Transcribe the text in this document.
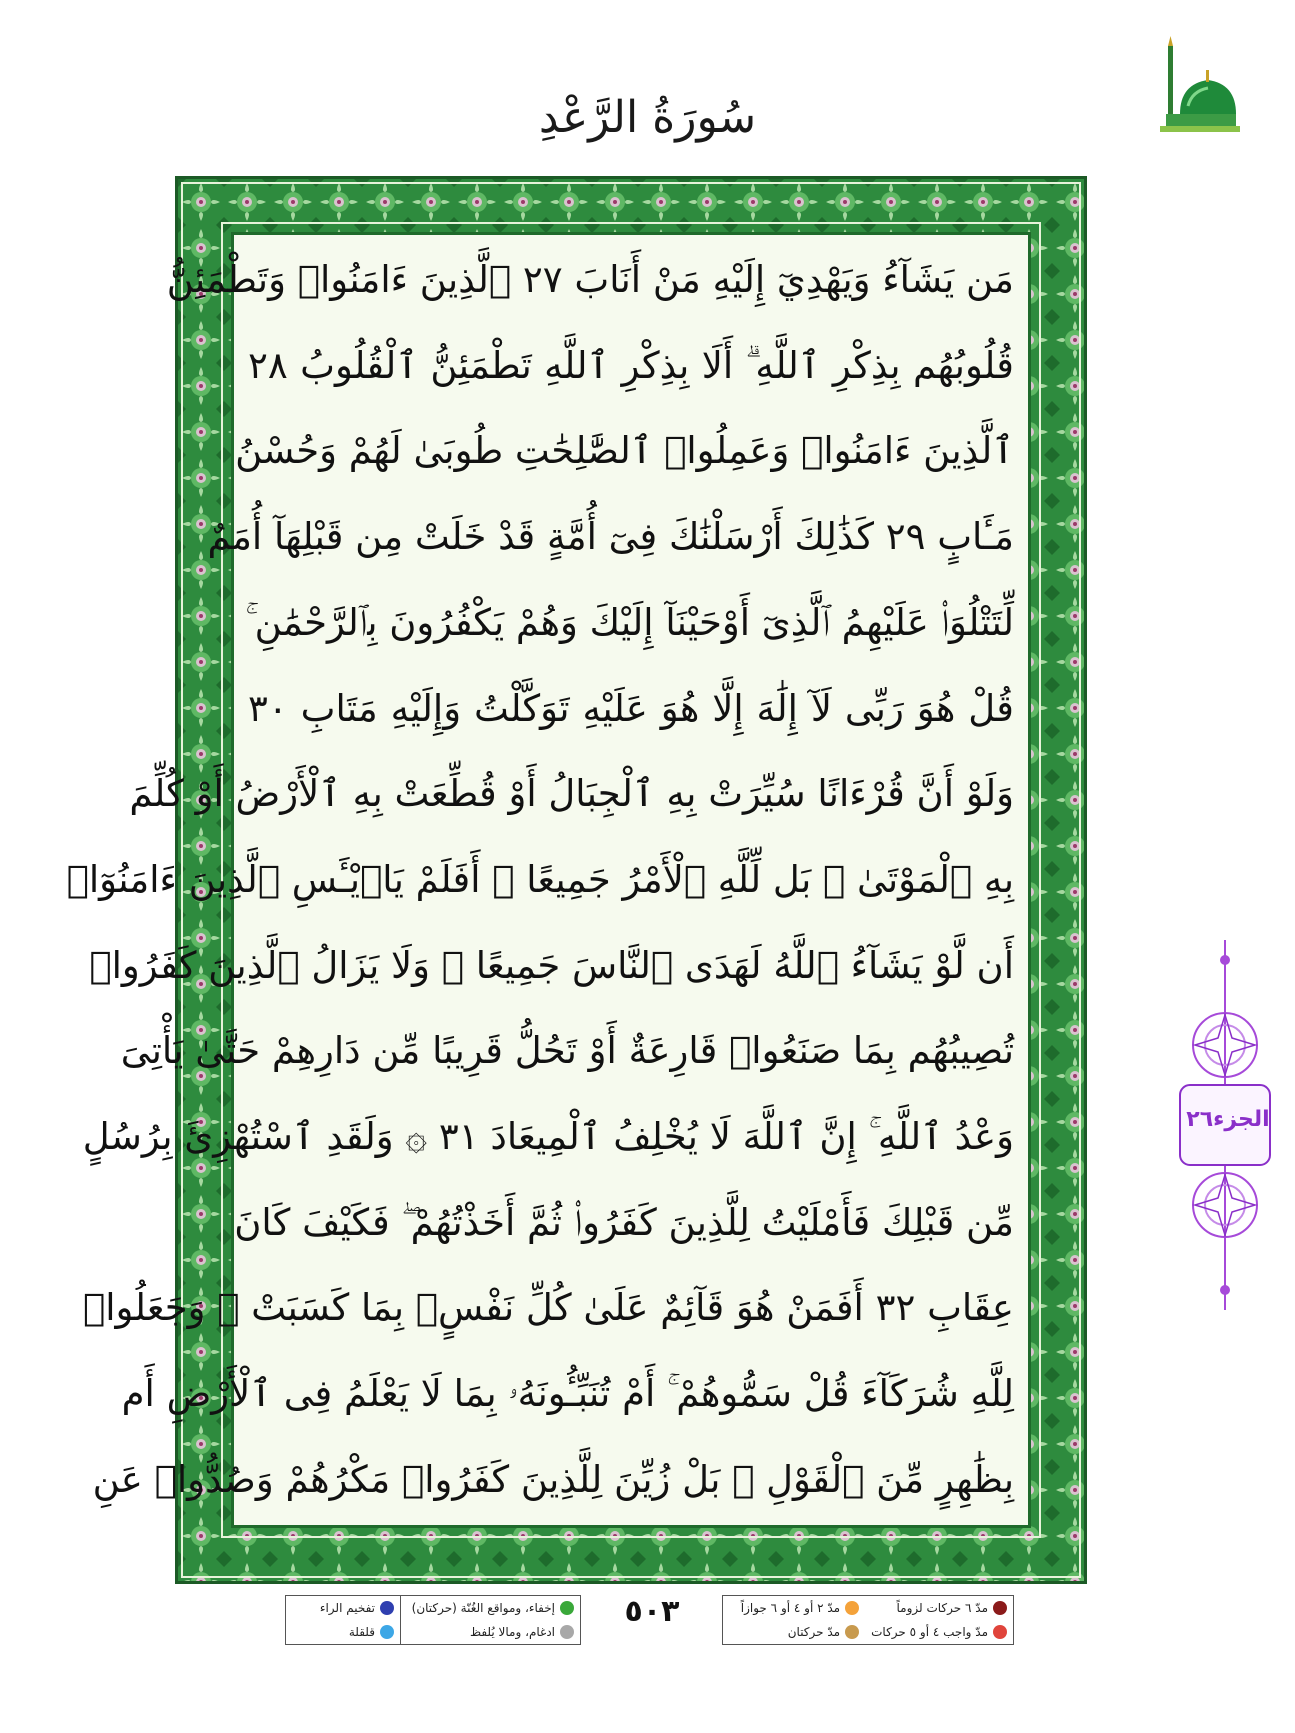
سُورَةُ الرَّعْدِ
مَن يَشَآءُ وَيَهْدِيٓ إِلَيْهِ مَنْ أَنَابَ ٢٧ ٱلَّذِينَ ءَامَنُوا۟ وَتَطْمَئِنُّ
قُلُوبُهُم بِذِكْرِ ٱللَّهِ ۗ أَلَا بِذِكْرِ ٱللَّهِ تَطْمَئِنُّ ٱلْقُلُوبُ ٢٨
ٱلَّذِينَ ءَامَنُوا۟ وَعَمِلُوا۟ ٱلصَّٰلِحَٰتِ طُوبَىٰ لَهُمْ وَحُسْنُ
مَـَٔابٍ ٢٩ كَذَٰلِكَ أَرْسَلْنَٰكَ فِىٓ أُمَّةٍ قَدْ خَلَتْ مِن قَبْلِهَآ أُمَمٌ
لِّتَتْلُوَا۟ عَلَيْهِمُ ٱلَّذِىٓ أَوْحَيْنَآ إِلَيْكَ وَهُمْ يَكْفُرُونَ بِٱلرَّحْمَٰنِ ۚ
قُلْ هُوَ رَبِّى لَآ إِلَٰهَ إِلَّا هُوَ عَلَيْهِ تَوَكَّلْتُ وَإِلَيْهِ مَتَابِ ٣٠
وَلَوْ أَنَّ قُرْءَانًا سُيِّرَتْ بِهِ ٱلْجِبَالُ أَوْ قُطِّعَتْ بِهِ ٱلْأَرْضُ أَوْ كُلِّمَ
بِهِ ٱلْمَوْتَىٰ ۗ بَل لِّلَّهِ ٱلْأَمْرُ جَمِيعًا ۗ أَفَلَمْ يَا۟يْـَٔسِ ٱلَّذِينَ ءَامَنُوٓا۟
أَن لَّوْ يَشَآءُ ٱللَّهُ لَهَدَى ٱلنَّاسَ جَمِيعًا ۗ وَلَا يَزَالُ ٱلَّذِينَ كَفَرُوا۟
تُصِيبُهُم بِمَا صَنَعُوا۟ قَارِعَةٌ أَوْ تَحُلُّ قَرِيبًا مِّن دَارِهِمْ حَتَّىٰ يَأْتِىَ
وَعْدُ ٱللَّهِ ۚ إِنَّ ٱللَّهَ لَا يُخْلِفُ ٱلْمِيعَادَ ٣١ ۞ وَلَقَدِ ٱسْتُهْزِئَ بِرُسُلٍ
مِّن قَبْلِكَ فَأَمْلَيْتُ لِلَّذِينَ كَفَرُوا۟ ثُمَّ أَخَذْتُهُمْ ۖ فَكَيْفَ كَانَ
عِقَابِ ٣٢ أَفَمَنْ هُوَ قَآئِمٌ عَلَىٰ كُلِّ نَفْسٍۭ بِمَا كَسَبَتْ ۗ وَجَعَلُوا۟
لِلَّهِ شُرَكَآءَ قُلْ سَمُّوهُمْ ۚ أَمْ تُنَبِّـُٔونَهُۥ بِمَا لَا يَعْلَمُ فِى ٱلْأَرْضِ أَم
بِظَٰهِرٍ مِّنَ ٱلْقَوْلِ ۗ بَلْ زُيِّنَ لِلَّذِينَ كَفَرُوا۟ مَكْرُهُمْ وَصُدُّوا۟ عَنِ
الجزء٢٦
مدّ ٦ حركات لزوماً
مدّ ٢ أو ٤ أو ٦ جوازاً
مدّ واجب ٤ أو ٥ حركات
مدّ حركتان
٥٠٣
إخفاء، ومواقع الغُنّة (حركتان)
تفخيم الراء
ادغام، ومالا يُلفظ
قلقلة
